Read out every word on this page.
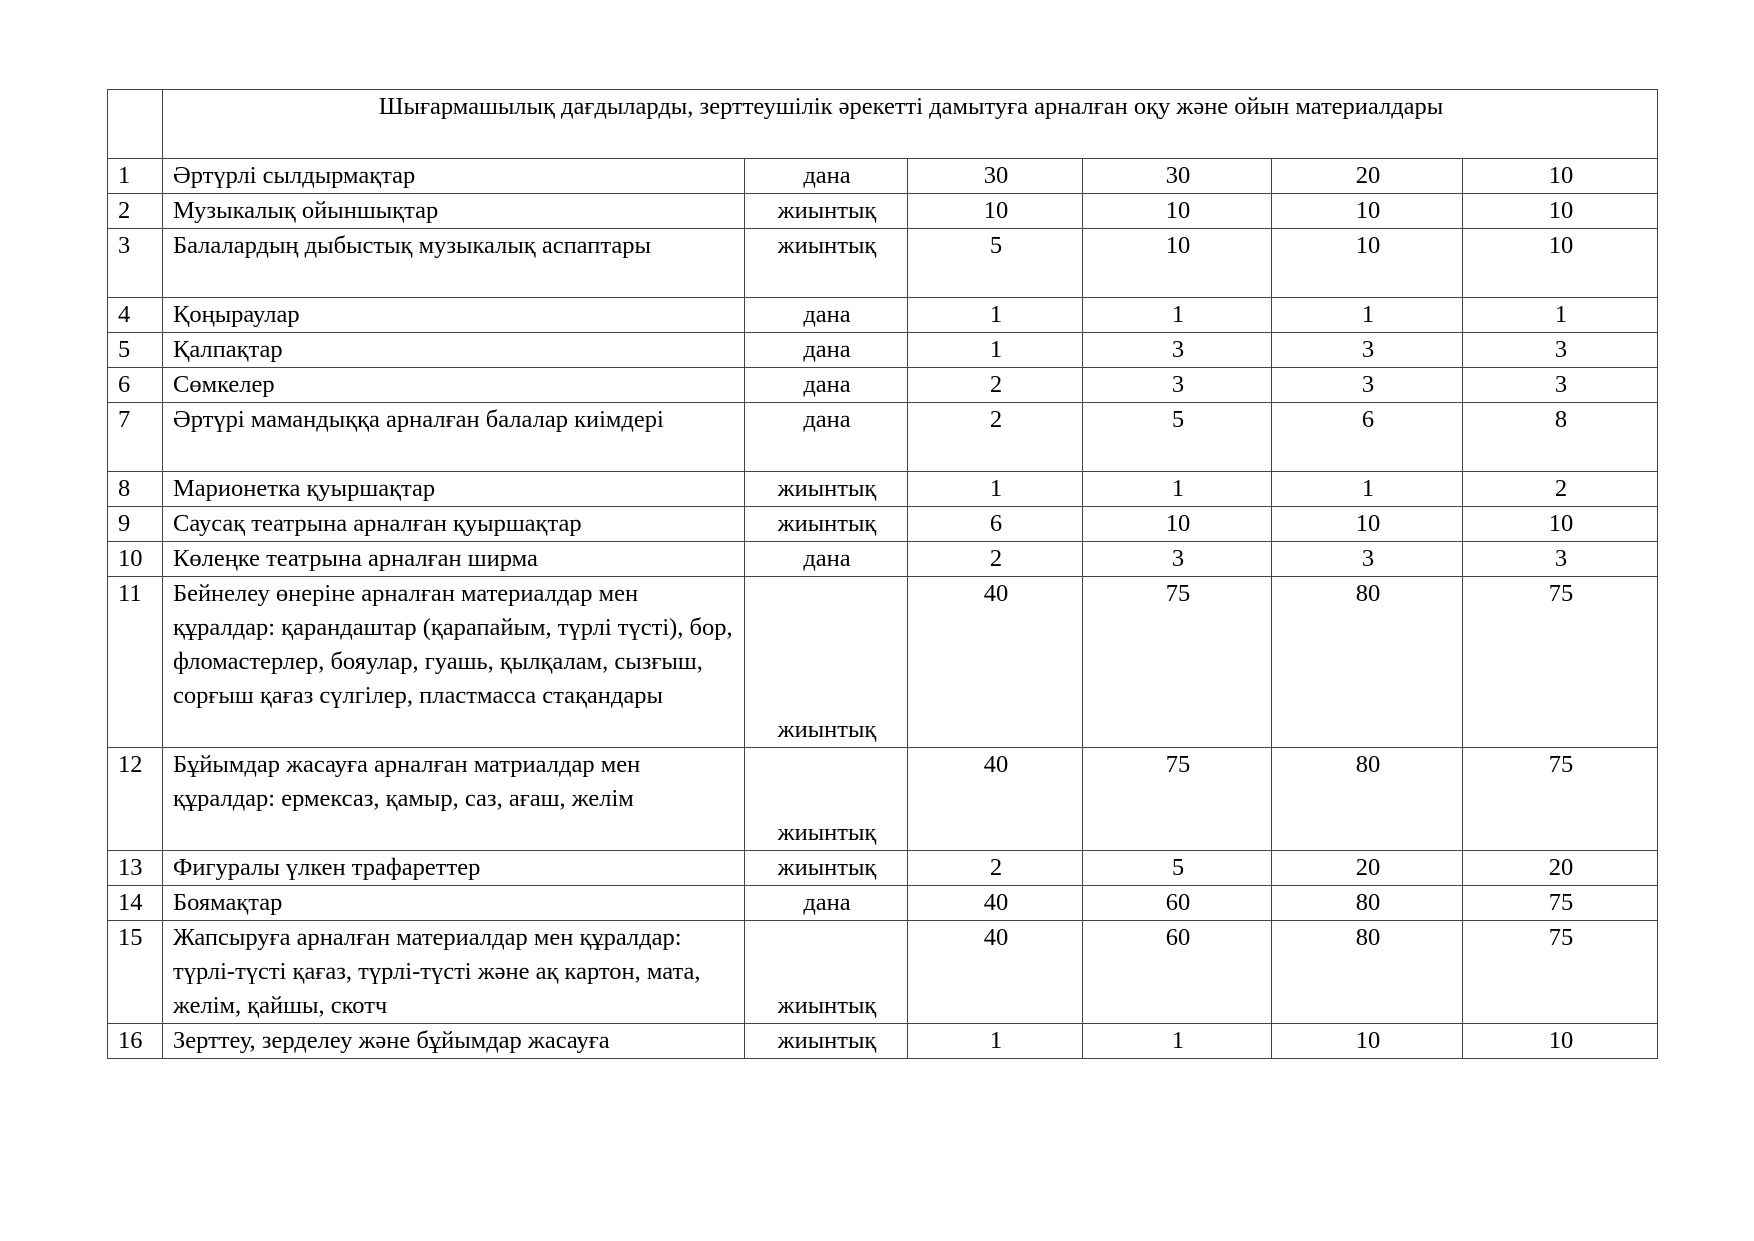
	Шығармашылық дағдыларды, зерттеушілік әрекетті дамытуға арналған оқу және ойын материалдары					
1	Әртүрлі сылдырмақтар	дана	30	30	20	10
2	Музыкалық ойыншықтар	жиынтық	10	10	10	10
3	Балалардың дыбыстық музыкалық аспаптары	жиынтық	5	10	10	10
4	Қоңыраулар	дана	1	1	1	1
5	Қалпақтар	дана	1	3	3	3
6	Сөмкелер	дана	2	3	3	3
7	Әртүрі мамандыққа арналған балалар киімдері	дана	2	5	6	8
8	Марионетка қуыршақтар	жиынтық	1	1	1	2
9	Саусақ театрына арналған қуыршақтар	жиынтық	6	10	10	10
10	Көлеңке театрына арналған ширма	дана	2	3	3	3
11	Бейнелеу өнеріне арналған материалдар мен құралдар: қарандаштар (қарапайым, түрлі түсті), бор, фломастерлер, бояулар, гуашь, қылқалам, сызғыш, сорғыш қағаз сүлгілер, пластмасса стақандары	жиынтық	40	75	80	75
12	Бұйымдар жасауға арналған матриалдар мен құралдар: ермексаз, қамыр, саз, ағаш, желім	жиынтық	40	75	80	75
13	Фигуралы үлкен трафареттер	жиынтық	2	5	20	20
14	Боямақтар	дана	40	60	80	75
15	Жапсыруға арналған материалдар мен құралдар: түрлі-түсті қағаз, түрлі-түсті және ақ картон, мата, желім, қайшы, скотч	жиынтық	40	60	80	75
16	Зерттеу, зерделеу және бұйымдар жасауға	жиынтық	1	1	10	10
